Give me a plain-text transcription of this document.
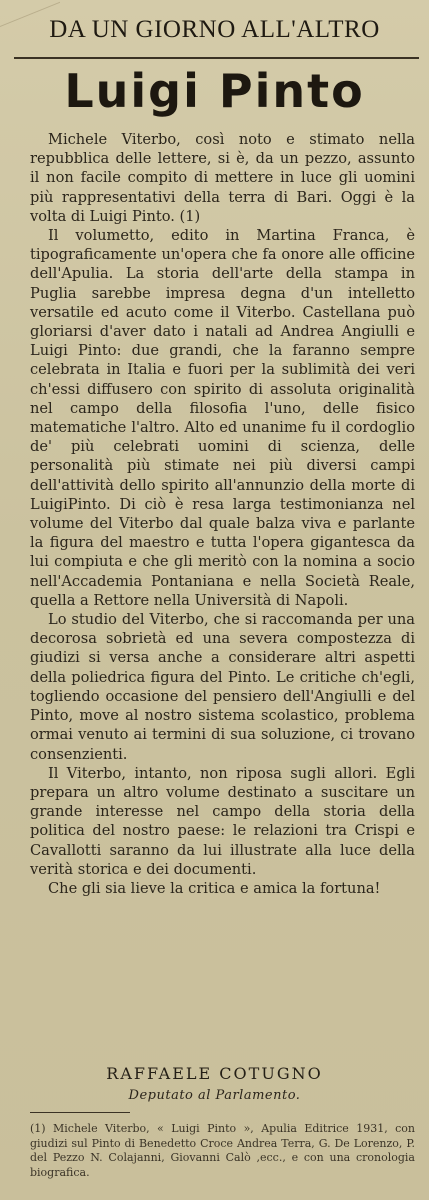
DA UN GIORNO ALL'ALTRO
Luigi Pinto

Michele Viterbo, così noto e stimato nella repubblica delle lettere, si è, da un pezzo, assunto il non facile compito di mettere in luce gli uomini più rappresentativi della terra di Bari. Oggi è la volta di Luigi Pinto. (1)

Il volumetto, edito in Martina Franca, è tipograficamente un'opera che fa onore alle officine dell'Apulia. La storia dell'arte della stampa in Puglia sarebbe impresa degna d'un intelletto versatile ed acuto come il Viterbo. Castellana può gloriarsi d'aver dato i natali ad Andrea Angiulli e Luigi Pinto: due grandi, che la faranno sempre celebrata in Italia e fuori per la sublimità dei veri ch'essi diffusero con spirito di assoluta originalità nel campo della filosofia l'uno, delle fisico matematiche l'altro. Alto ed unanime fu il cordoglio de' più celebrati uomini di scienza, delle personalità più stimate nei più diversi campi dell'attività dello spirito all'annunzio della morte di LuigiPinto. Di ciò è resa larga testimonianza nel volume del Viterbo dal quale balza viva e parlante la figura del maestro e tutta l'opera gigantesca da lui compiuta e che gli meritò con la nomina a socio nell'Accademia Pontaniana e nella Società Reale, quella a Rettore nella Università di Napoli.

Lo studio del Viterbo, che si raccomanda per una decorosa sobrietà ed una severa compostezza di giudizi si versa anche a considerare altri aspetti della poliedrica figura del Pinto. Le critiche ch'egli, togliendo occasione del pensiero dell'Angiulli e del Pinto, move al nostro sistema scolastico, problema ormai venuto ai termini di sua soluzione, ci trovano consenzienti.

Il Viterbo, intanto, non riposa sugli allori. Egli prepara un altro volume destinato a suscitare un grande interesse nel campo della storia della politica del nostro paese: le relazioni tra Crispi e Cavallotti saranno da lui illustrate alla luce della verità storica e dei documenti.

Che gli sia lieve la critica e amica la fortuna!

RAFFAELE COTUGNO
Deputato al Parlamento.
(1) Michele Viterbo, « Luigi Pinto », Apulia Editrice 1931, con giudizi sul Pinto di Benedetto Croce Andrea Terra, G. De Lorenzo, P. del Pezzo N. Colajanni, Giovanni Calò ,ecc., e con una cronologia biografica.
